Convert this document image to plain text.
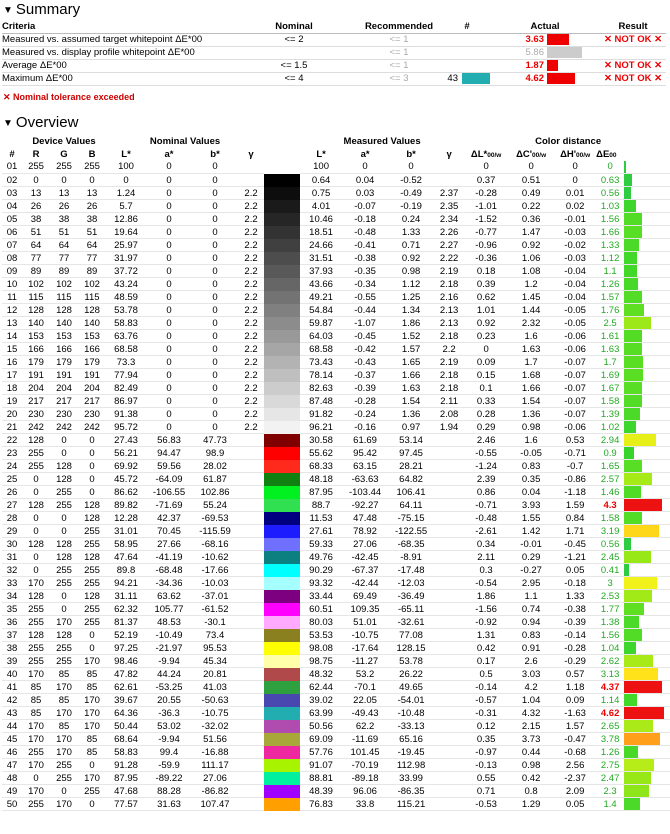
▼ Summary
Criteria	Nominal	Recommended	#	Actual		Result
Measured vs. assumed target whitepoint ΔE*00	<= 2	<= 1		3.63		✕ NOT OK ✕
Measured vs. display profile whitepoint ΔE*00		<= 1		5.86		
Average ΔE*00	<= 1.5	<= 1		1.87		✕ NOT OK ✕
Maximum ΔE*00	<= 4	<= 3	43	4.62		✕ NOT OK ✕
✕ Nominal tolerance exceeded
▼ Overview
	Device Values			Nominal Values					Measured Values				Color distance				
#	R	G	B	L*	a*	b*	γ		L*	a*	b*	γ	ΔL*00/w	ΔC'00/w	ΔH'00/w	ΔE00	
01	255	255	255	100	0	0			100	0	0		0	0	0	0	
02	0	0	0	0	0	0			0.64	0.04	-0.52		0.37	0.51	0	0.63	
03	13	13	13	1.24	0	0	2.2		0.75	0.03	-0.49	2.37	-0.28	0.49	0.01	0.56	
04	26	26	26	5.7	0	0	2.2		4.01	-0.07	-0.19	2.35	-1.01	0.22	0.02	1.03	
05	38	38	38	12.86	0	0	2.2		10.46	-0.18	0.24	2.34	-1.52	0.36	-0.01	1.56	
06	51	51	51	19.64	0	0	2.2		18.51	-0.48	1.33	2.26	-0.77	1.47	-0.03	1.66	
07	64	64	64	25.97	0	0	2.2		24.66	-0.41	0.71	2.27	-0.96	0.92	-0.02	1.33	
08	77	77	77	31.97	0	0	2.2		31.51	-0.38	0.92	2.22	-0.36	1.06	-0.03	1.12	
09	89	89	89	37.72	0	0	2.2		37.93	-0.35	0.98	2.19	0.18	1.08	-0.04	1.1	
10	102	102	102	43.24	0	0	2.2		43.66	-0.34	1.12	2.18	0.39	1.2	-0.04	1.26	
11	115	115	115	48.59	0	0	2.2		49.21	-0.55	1.25	2.16	0.62	1.45	-0.04	1.57	
12	128	128	128	53.78	0	0	2.2		54.84	-0.44	1.34	2.13	1.01	1.44	-0.05	1.76	
13	140	140	140	58.83	0	0	2.2		59.87	-1.07	1.86	2.13	0.92	2.32	-0.05	2.5	
14	153	153	153	63.76	0	0	2.2		64.03	-0.45	1.52	2.18	0.23	1.6	-0.06	1.61	
15	166	166	166	68.58	0	0	2.2		68.58	-0.42	1.57	2.2	0	1.63	-0.06	1.63	
16	179	179	179	73.3	0	0	2.2		73.43	-0.43	1.65	2.19	0.09	1.7	-0.07	1.7	
17	191	191	191	77.94	0	0	2.2		78.14	-0.37	1.66	2.18	0.15	1.68	-0.07	1.69	
18	204	204	204	82.49	0	0	2.2		82.63	-0.39	1.63	2.18	0.1	1.66	-0.07	1.67	
19	217	217	217	86.97	0	0	2.2		87.48	-0.28	1.54	2.11	0.33	1.54	-0.07	1.58	
20	230	230	230	91.38	0	0	2.2		91.82	-0.24	1.36	2.08	0.28	1.36	-0.07	1.39	
21	242	242	242	95.72	0	0	2.2		96.21	-0.16	0.97	1.94	0.29	0.98	-0.06	1.02	
22	128	0	0	27.43	56.83	47.73			30.58	61.69	53.14		2.46	1.6	0.53	2.94	
23	255	0	0	56.21	94.47	98.9			55.62	95.42	97.45		-0.55	-0.05	-0.71	0.9	
24	255	128	0	69.92	59.56	28.02			68.33	63.15	28.21		-1.24	0.83	-0.7	1.65	
25	0	128	0	45.72	-64.09	61.87			48.18	-63.63	64.82		2.39	0.35	-0.86	2.57	
26	0	255	0	86.62	-106.55	102.86			87.95	-103.44	106.41		0.86	0.04	-1.18	1.46	
27	128	255	128	89.82	-71.69	55.24			88.7	-92.27	64.11		-0.71	3.93	1.59	4.3	
28	0	0	128	12.28	42.37	-69.53			11.53	47.48	-75.15		-0.48	1.55	0.84	1.58	
29	0	0	255	31.01	70.45	-115.59			27.61	78.92	-122.55		-2.61	1.42	1.71	3.19	
30	128	128	255	58.95	27.66	-68.16			59.33	27.06	-68.35		0.34	-0.01	-0.45	0.56	
31	0	128	128	47.64	-41.19	-10.62			49.76	-42.45	-8.91		2.11	0.29	-1.21	2.45	
32	0	255	255	89.8	-68.48	-17.66			90.29	-67.37	-17.48		0.3	-0.27	0.05	0.41	
33	170	255	255	94.21	-34.36	-10.03			93.32	-42.44	-12.03		-0.54	2.95	-0.18	3	
34	128	0	128	31.11	63.62	-37.01			33.44	69.49	-36.49		1.86	1.1	1.33	2.53	
35	255	0	255	62.32	105.77	-61.52			60.51	109.35	-65.11		-1.56	0.74	-0.38	1.77	
36	255	170	255	81.37	48.53	-30.1			80.03	51.01	-32.61		-0.92	0.94	-0.39	1.38	
37	128	128	0	52.19	-10.49	73.4			53.53	-10.75	77.08		1.31	0.83	-0.14	1.56	
38	255	255	0	97.25	-21.97	95.53			98.08	-17.64	128.15		0.42	0.91	-0.28	1.04	
39	255	255	170	98.46	-9.94	45.34			98.75	-11.27	53.78		0.17	2.6	-0.29	2.62	
40	170	85	85	47.82	44.24	20.81			48.32	53.2	26.22		0.5	3.03	0.57	3.13	
41	85	170	85	62.61	-53.25	41.03			62.44	-70.1	49.65		-0.14	4.2	1.18	4.37	
42	85	85	170	39.67	20.55	-50.63			39.02	22.05	-54.01		-0.57	1.04	0.09	1.14	
43	85	170	170	64.36	-36.3	-10.75			63.99	-49.43	-10.48		-0.31	4.32	-1.63	4.62	
44	170	85	170	50.44	53.02	-32.02			50.56	62.2	-33.13		0.12	2.15	1.57	2.65	
45	170	170	85	68.64	-9.94	51.56			69.09	-11.69	65.16		0.35	3.73	-0.47	3.78	
46	255	170	85	58.83	99.4	-16.88			57.76	101.45	-19.45		-0.97	0.44	-0.68	1.26	
47	170	255	0	91.28	-59.9	111.17			91.07	-70.19	112.98		-0.13	0.98	2.56	2.75	
48	0	255	170	87.95	-89.22	27.06			88.81	-89.18	33.99		0.55	0.42	-2.37	2.47	
49	170	0	255	47.68	88.28	-86.82			48.39	96.06	-86.35		0.71	0.8	2.09	2.3	
50	255	170	0	77.57	31.63	107.47			76.83	33.8	115.21		-0.53	1.29	0.05	1.4	
